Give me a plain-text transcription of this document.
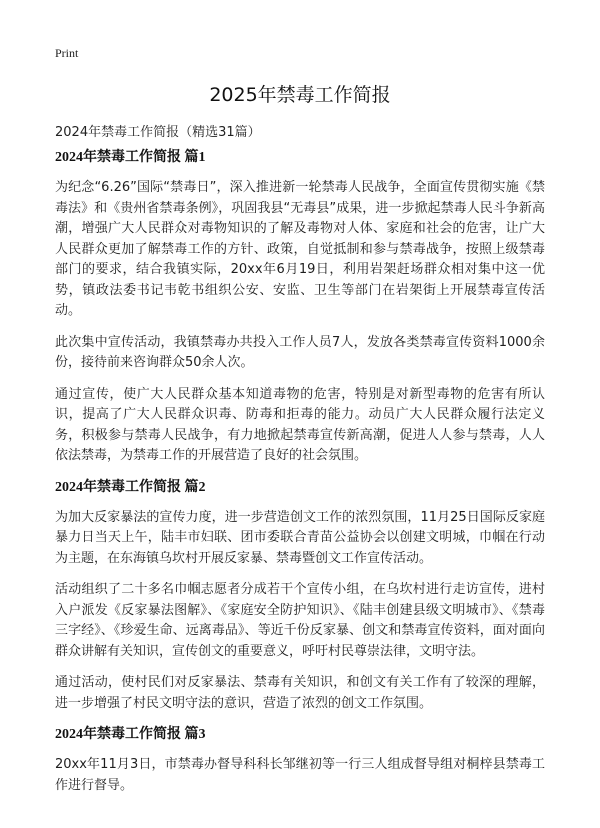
Print
2025年禁毒工作简报

2024年禁毒工作简报（精选31篇）

2024年禁毒工作简报 篇1

为纪念“6.26”国际“禁毒日”，深入推进新一轮禁毒人民战争，全面宣传贯彻实施《禁毒法》和《贵州省禁毒条例》，巩固我县“无毒县”成果，进一步掀起禁毒人民斗争新高潮，增强广大人民群众对毒物知识的了解及毒物对人体、家庭和社会的危害，让广大人民群众更加了解禁毒工作的方针、政策，自觉抵制和参与禁毒战争，按照上级禁毒部门的要求，结合我镇实际，20xx年6月19日，利用岩架赶场群众相对集中这一优势，镇政法委书记韦乾书组织公安、安监、卫生等部门在岩架街上开展禁毒宣传活动。

此次集中宣传活动，我镇禁毒办共投入工作人员7人，发放各类禁毒宣传资料1000余份，接待前来咨询群众50余人次。

通过宣传，使广大人民群众基本知道毒物的危害，特别是对新型毒物的危害有所认识，提高了广大人民群众识毒、防毒和拒毒的能力。动员广大人民群众履行法定义务，积极参与禁毒人民战争，有力地掀起禁毒宣传新高潮，促进人人参与禁毒，人人依法禁毒，为禁毒工作的开展营造了良好的社会氛围。

2024年禁毒工作简报 篇2

为加大反家暴法的宣传力度，进一步营造创文工作的浓烈氛围，11月25日国际反家庭暴力日当天上午，陆丰市妇联、团市委联合青苗公益协会以创建文明城，巾帼在行动为主题，在东海镇乌坎村开展反家暴、禁毒暨创文工作宣传活动。

活动组织了二十多名巾帼志愿者分成若干个宣传小组，在乌坎村进行走访宣传，进村入户派发《反家暴法图解》、《家庭安全防护知识》、《陆丰创建县级文明城市》、《禁毒三字经》、《珍爱生命、远离毒品》、等近千份反家暴、创文和禁毒宣传资料，面对面向群众讲解有关知识，宣传创文的重要意义，呼吁村民尊崇法律，文明守法。

通过活动，使村民们对反家暴法、禁毒有关知识，和创文有关工作有了较深的理解，进一步增强了村民文明守法的意识，营造了浓烈的创文工作氛围。

2024年禁毒工作简报 篇3

20xx年11月3日，市禁毒办督导科科长邹继初等一行三人组成督导组对桐梓县禁毒工作进行督导。
